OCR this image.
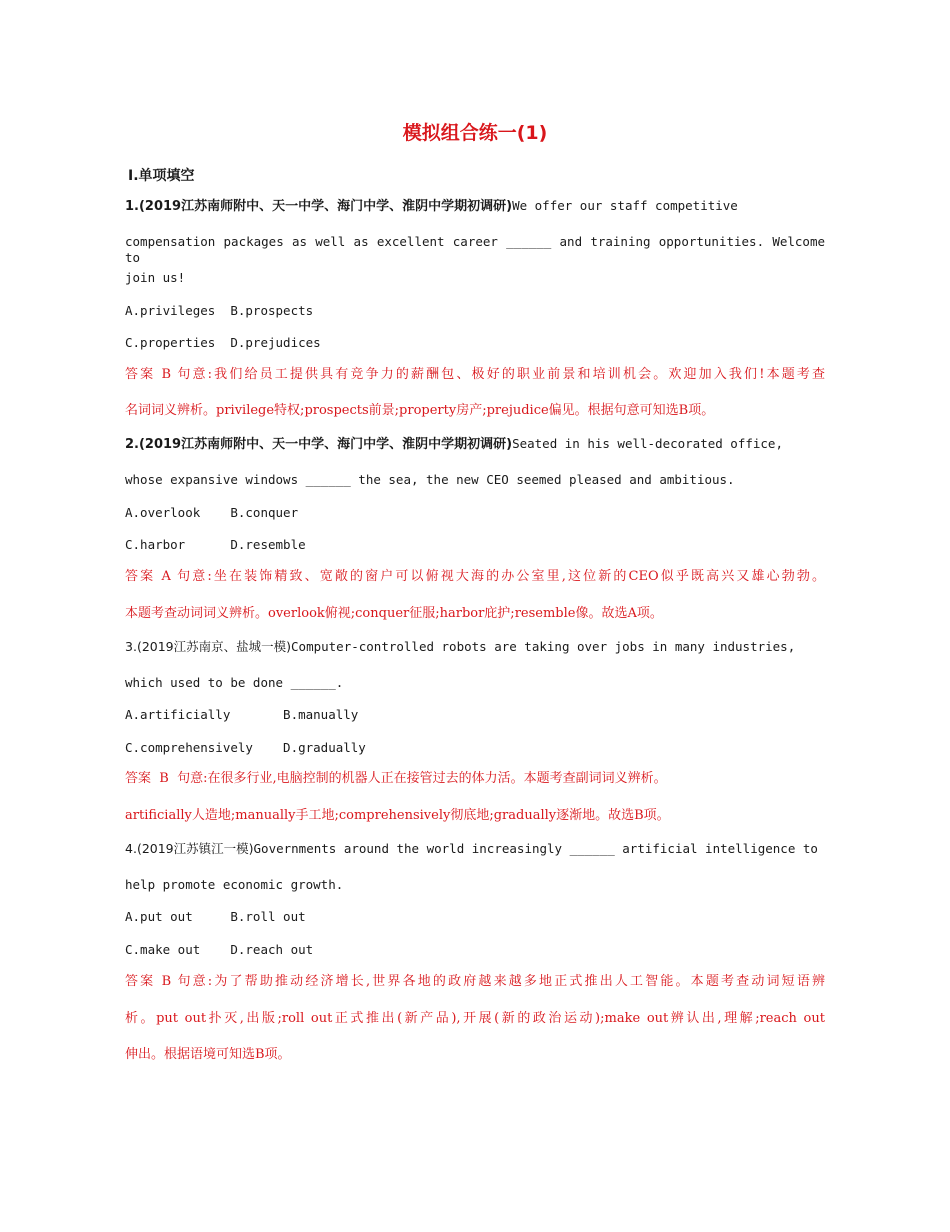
模拟组合练一(1)
Ⅰ.单项填空
1.(2019江苏南师附中、天一中学、海门中学、淮阴中学期初调研)We offer our staff competitive
compensation packages as well as excellent career ______ and training opportunities. Welcome to
join us!
A.privileges  B.prospects
C.properties  D.prejudices
答案 B 句意:我们给员工提供具有竞争力的薪酬包、极好的职业前景和培训机会。欢迎加入我们!本题考查
名词词义辨析。privilege特权;prospects前景;property房产;prejudice偏见。根据句意可知选B项。
2.(2019江苏南师附中、天一中学、海门中学、淮阴中学期初调研)Seated in his well-decorated office,
whose expansive windows ______ the sea, the new CEO seemed pleased and ambitious.
A.overlook    B.conquer
C.harbor      D.resemble
答案 A 句意:坐在装饰精致、宽敞的窗户可以俯视大海的办公室里,这位新的CEO似乎既高兴又雄心勃勃。
本题考查动词词义辨析。overlook俯视;conquer征服;harbor庇护;resemble像。故选A项。
3.(2019江苏南京、盐城一模)Computer-controlled robots are taking over jobs in many industries,
which used to be done ______.
A.artificially       B.manually
C.comprehensively    D.gradually
答案  B  句意:在很多行业,电脑控制的机器人正在接管过去的体力活。本题考查副词词义辨析。
artificially人造地;manually手工地;comprehensively彻底地;gradually逐渐地。故选B项。
4.(2019江苏镇江一模)Governments around the world increasingly ______ artificial intelligence to
help promote economic growth.
A.put out     B.roll out
C.make out    D.reach out
答案 B 句意:为了帮助推动经济增长,世界各地的政府越来越多地正式推出人工智能。本题考查动词短语辨
析。put out扑灭,出版;roll out正式推出(新产品),开展(新的政治运动);make out辨认出,理解;reach out
伸出。根据语境可知选B项。
